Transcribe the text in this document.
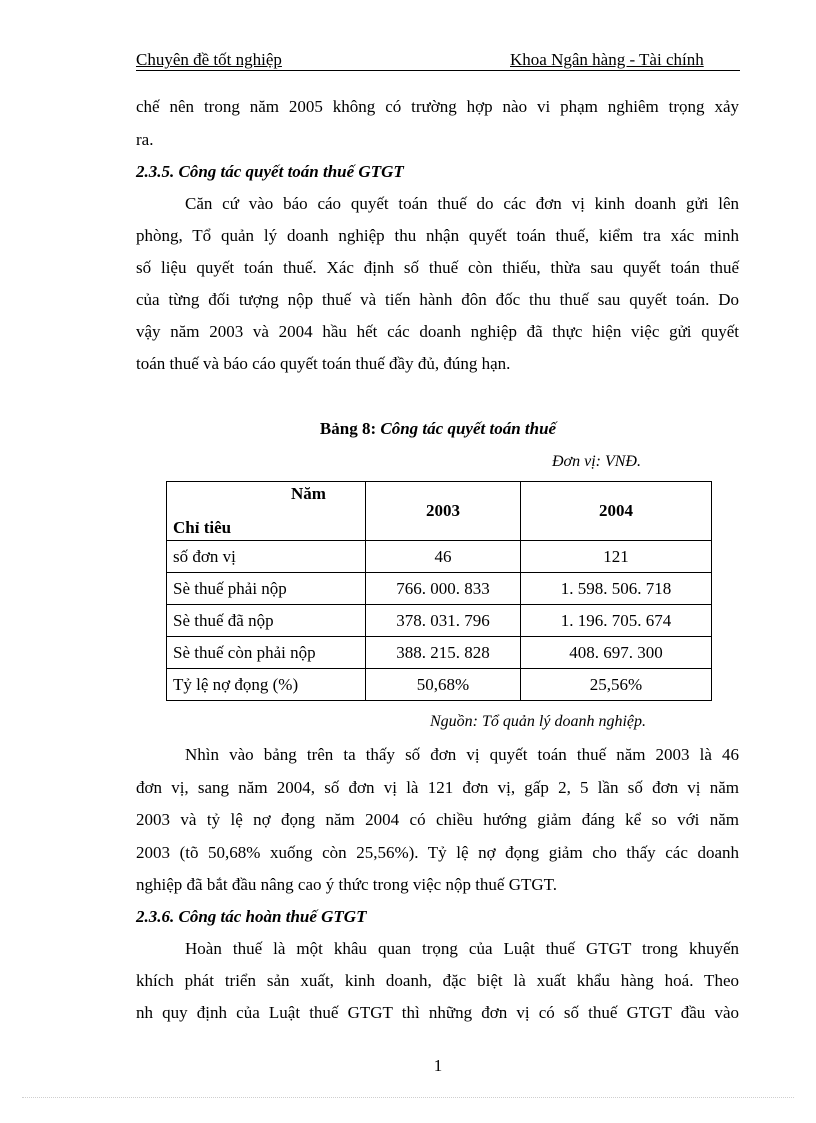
Chuyên đề tốt nghiệp	Khoa Ngân hàng - Tài chính
chế nên trong năm 2005 không có trường hợp nào vi phạm nghiêm trọng xảy
ra.
2.3.5. Công tác quyết toán thuế GTGT
Căn cứ vào báo cáo quyết toán thuế do các đơn vị kinh doanh gửi lên
phòng, Tổ quản lý doanh nghiệp thu nhận quyết toán thuế, kiểm tra xác minh
số liệu quyết toán thuế. Xác định số thuế còn thiếu, thừa sau quyết toán thuế
của từng đối tượng nộp thuế và tiến hành đôn đốc thu thuế sau quyết toán. Do
vậy năm 2003 và 2004 hầu hết các doanh nghiệp đã thực hiện việc gửi quyết
toán thuế và báo cáo quyết toán thuế đầy đủ, đúng hạn.
Bảng 8: Công tác quyết toán thuế
Đơn vị: VNĐ.
Năm
Chỉ tiêu	2003	2004
số đơn vị	46	121
Sè thuế phải nộp	766. 000. 833	1. 598. 506. 718
Sè thuế đã nộp	378. 031. 796	1. 196. 705. 674
Sè thuế còn phải nộp	388. 215. 828	408. 697. 300
Tỷ lệ nợ đọng (%)	50,68%	25,56%
Nguồn: Tổ quản lý doanh nghiệp.
Nhìn vào bảng trên ta thấy số đơn vị quyết toán thuế năm 2003 là 46
đơn vị, sang năm 2004, số đơn vị là 121 đơn vị, gấp 2, 5 lần số đơn vị năm
2003 và tỷ lệ nợ đọng năm 2004 có chiều hướng giảm đáng kể so với năm
2003 (tõ 50,68% xuống còn 25,56%). Tỷ lệ nợ đọng giảm cho thấy các doanh
nghiệp đã bắt đầu nâng cao ý thức trong việc nộp thuế GTGT.
2.3.6. Công tác hoàn thuế GTGT
Hoàn thuế là một khâu quan trọng của Luật thuế GTGT trong khuyến
khích phát triển sản xuất, kinh doanh, đặc biệt là xuất khẩu hàng hoá. Theo
nh quy định của Luật thuế GTGT thì những đơn vị có số thuế GTGT đầu vào
1
